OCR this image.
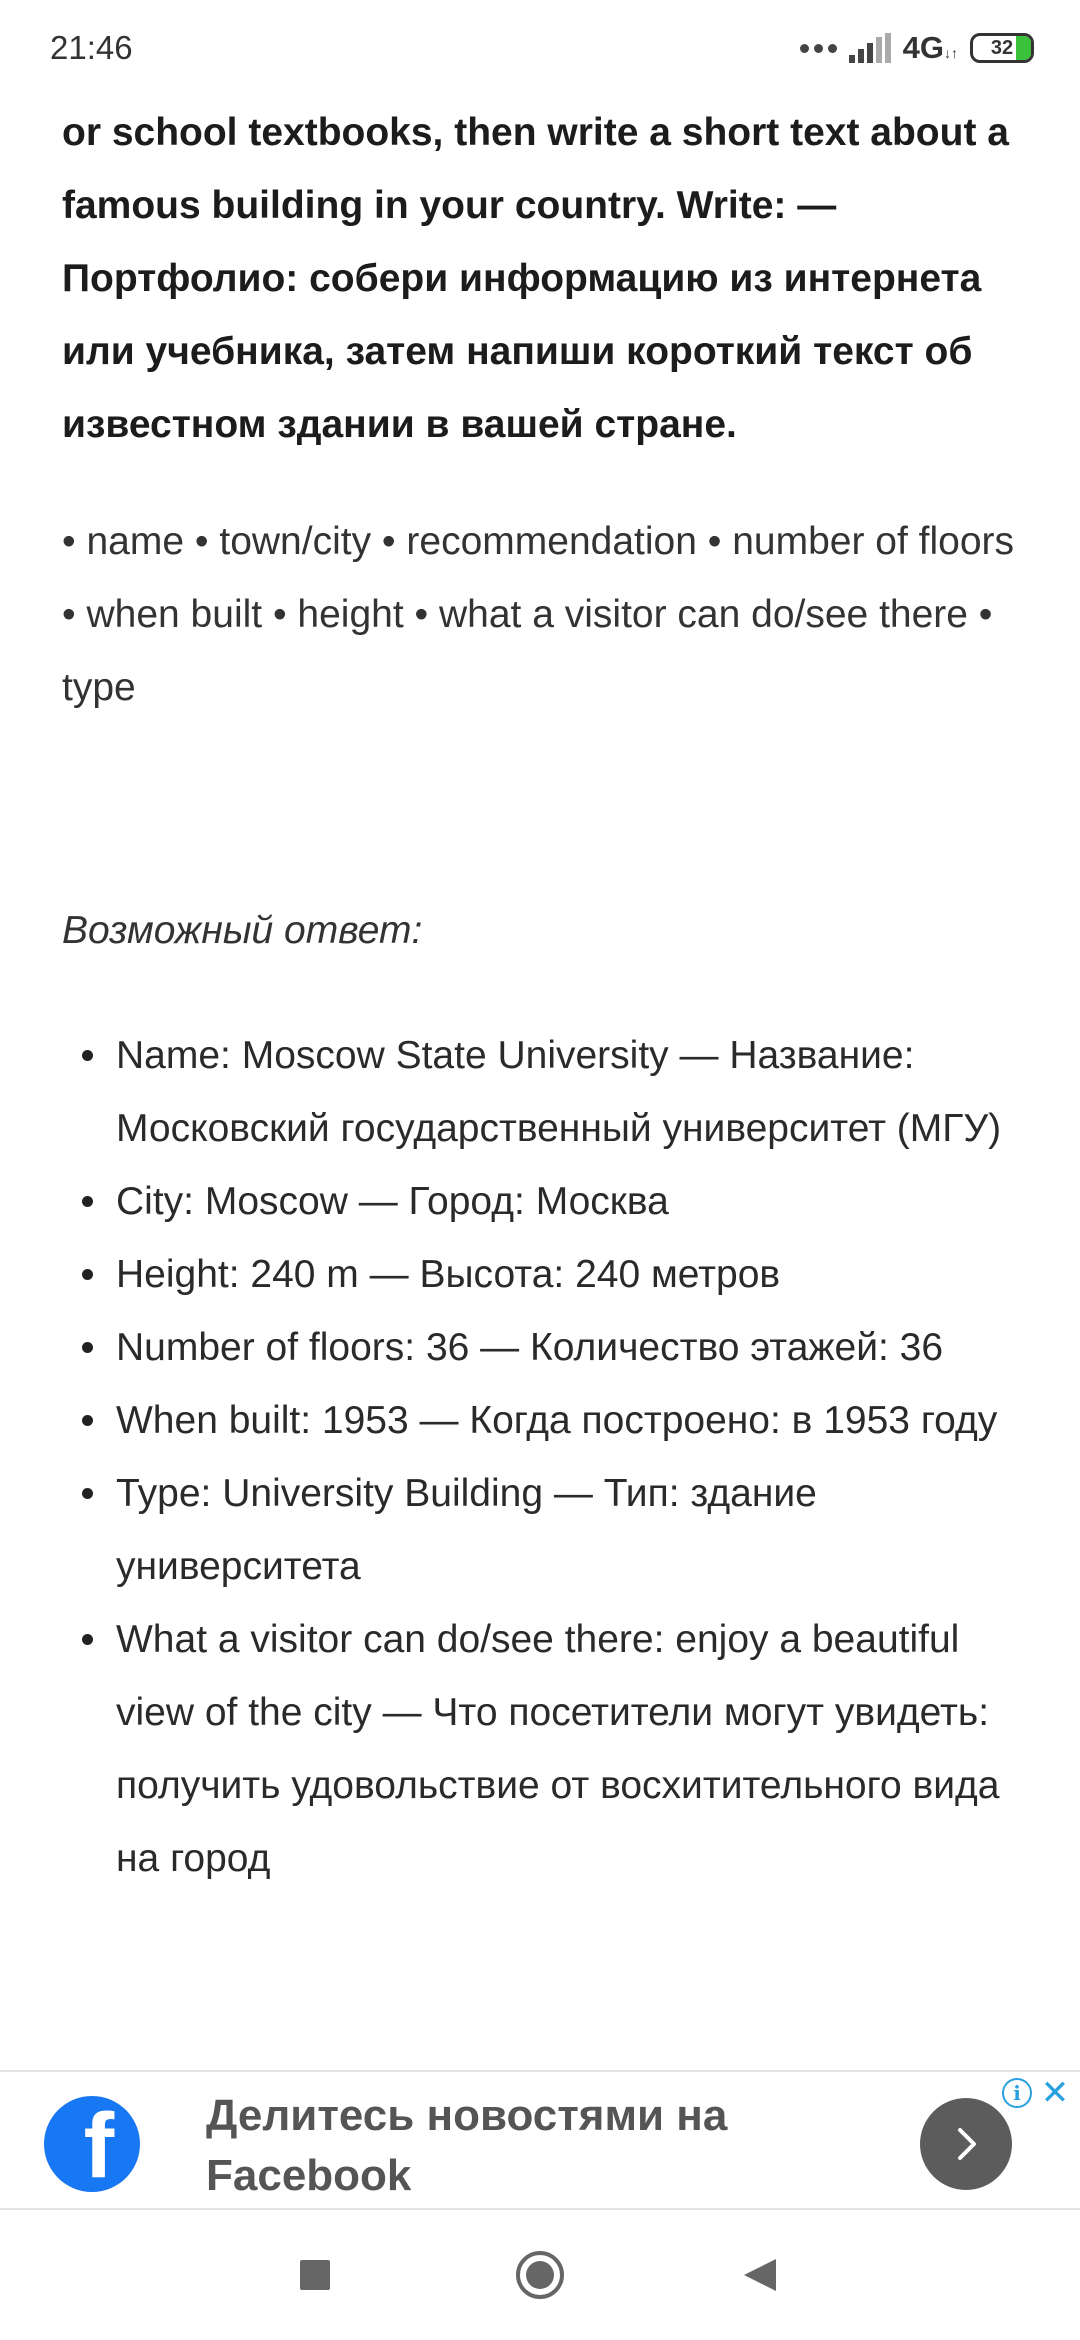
21:46	4G↓↑ 32

or school textbooks, then write a short text about a famous building in your country. Write: — Портфолио: собери информацию из интернета или учебника, затем напиши короткий текст об известном здании в вашей стране.

• name • town/city • recommendation • number of floors • when built • height • what a visitor can do/see there • type

Возможный ответ:

Name: Moscow State University — Название: Московский государственный университет (МГУ)
City: Moscow — Город: Москва
Height: 240 m — Высота: 240 метров
Number of floors: 36 — Количество этажей: 36
When built: 1953 — Когда построено: в 1953 году
Type: University Building — Тип: здание университета
What a visitor can do/see there: enjoy a beautiful view of the city — Что посетители могут увидеть: получить удовольствие от восхитительного вида на город
f Делитесь новостями на Facebook
i ✕
